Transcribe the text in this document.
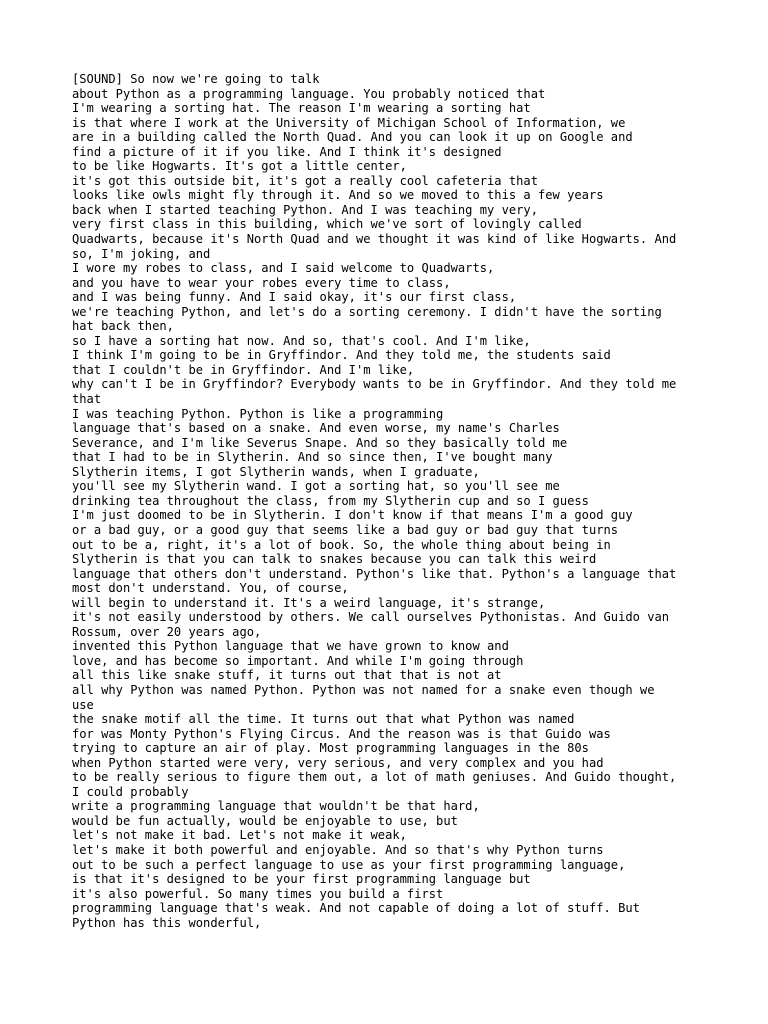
[SOUND] So now we're going to talk

about Python as a programming language. You probably noticed that

I'm wearing a sorting hat. The reason I'm wearing a sorting hat

is that where I work at the University of Michigan School of Information, we

are in a building called the North Quad. And you can look it up on Google and

find a picture of it if you like. And I think it's designed

to be like Hogwarts. It's got a little center,

it's got this outside bit, it's got a really cool cafeteria that

looks like owls might fly through it. And so we moved to this a few years

back when I started teaching Python. And I was teaching my very,

very first class in this building, which we've sort of lovingly called

Quadwarts, because it's North Quad and we thought it was kind of like Hogwarts. And

so, I'm joking, and

I wore my robes to class, and I said welcome to Quadwarts,

and you have to wear your robes every time to class,

and I was being funny. And I said okay, it's our first class,

we're teaching Python, and let's do a sorting ceremony. I didn't have the sorting

hat back then,

so I have a sorting hat now. And so, that's cool. And I'm like,

I think I'm going to be in Gryffindor. And they told me, the students said

that I couldn't be in Gryffindor. And I'm like,

why can't I be in Gryffindor? Everybody wants to be in Gryffindor. And they told me

that

I was teaching Python. Python is like a programming

language that's based on a snake. And even worse, my name's Charles

Severance, and I'm like Severus Snape. And so they basically told me

that I had to be in Slytherin. And so since then, I've bought many

Slytherin items, I got Slytherin wands, when I graduate,

you'll see my Slytherin wand. I got a sorting hat, so you'll see me

drinking tea throughout the class, from my Slytherin cup and so I guess

I'm just doomed to be in Slytherin. I don't know if that means I'm a good guy

or a bad guy, or a good guy that seems like a bad guy or bad guy that turns

out to be a, right, it's a lot of book. So, the whole thing about being in

Slytherin is that you can talk to snakes because you can talk this weird

language that others don't understand. Python's like that. Python's a language that

most don't understand. You, of course,

will begin to understand it. It's a weird language, it's strange,

it's not easily understood by others. We call ourselves Pythonistas. And Guido van

Rossum, over 20 years ago,

invented this Python language that we have grown to know and

love, and has become so important. And while I'm going through

all this like snake stuff, it turns out that that is not at

all why Python was named Python. Python was not named for a snake even though we

use

the snake motif all the time. It turns out that what Python was named

for was Monty Python's Flying Circus. And the reason was is that Guido was

trying to capture an air of play. Most programming languages in the 80s

when Python started were very, very serious, and very complex and you had

to be really serious to figure them out, a lot of math geniuses. And Guido thought,

I could probably

write a programming language that wouldn't be that hard,

would be fun actually, would be enjoyable to use, but

let's not make it bad. Let's not make it weak,

let's make it both powerful and enjoyable. And so that's why Python turns

out to be such a perfect language to use as your first programming language,

is that it's designed to be your first programming language but

it's also powerful. So many times you build a first

programming language that's weak. And not capable of doing a lot of stuff. But

Python has this wonderful,
